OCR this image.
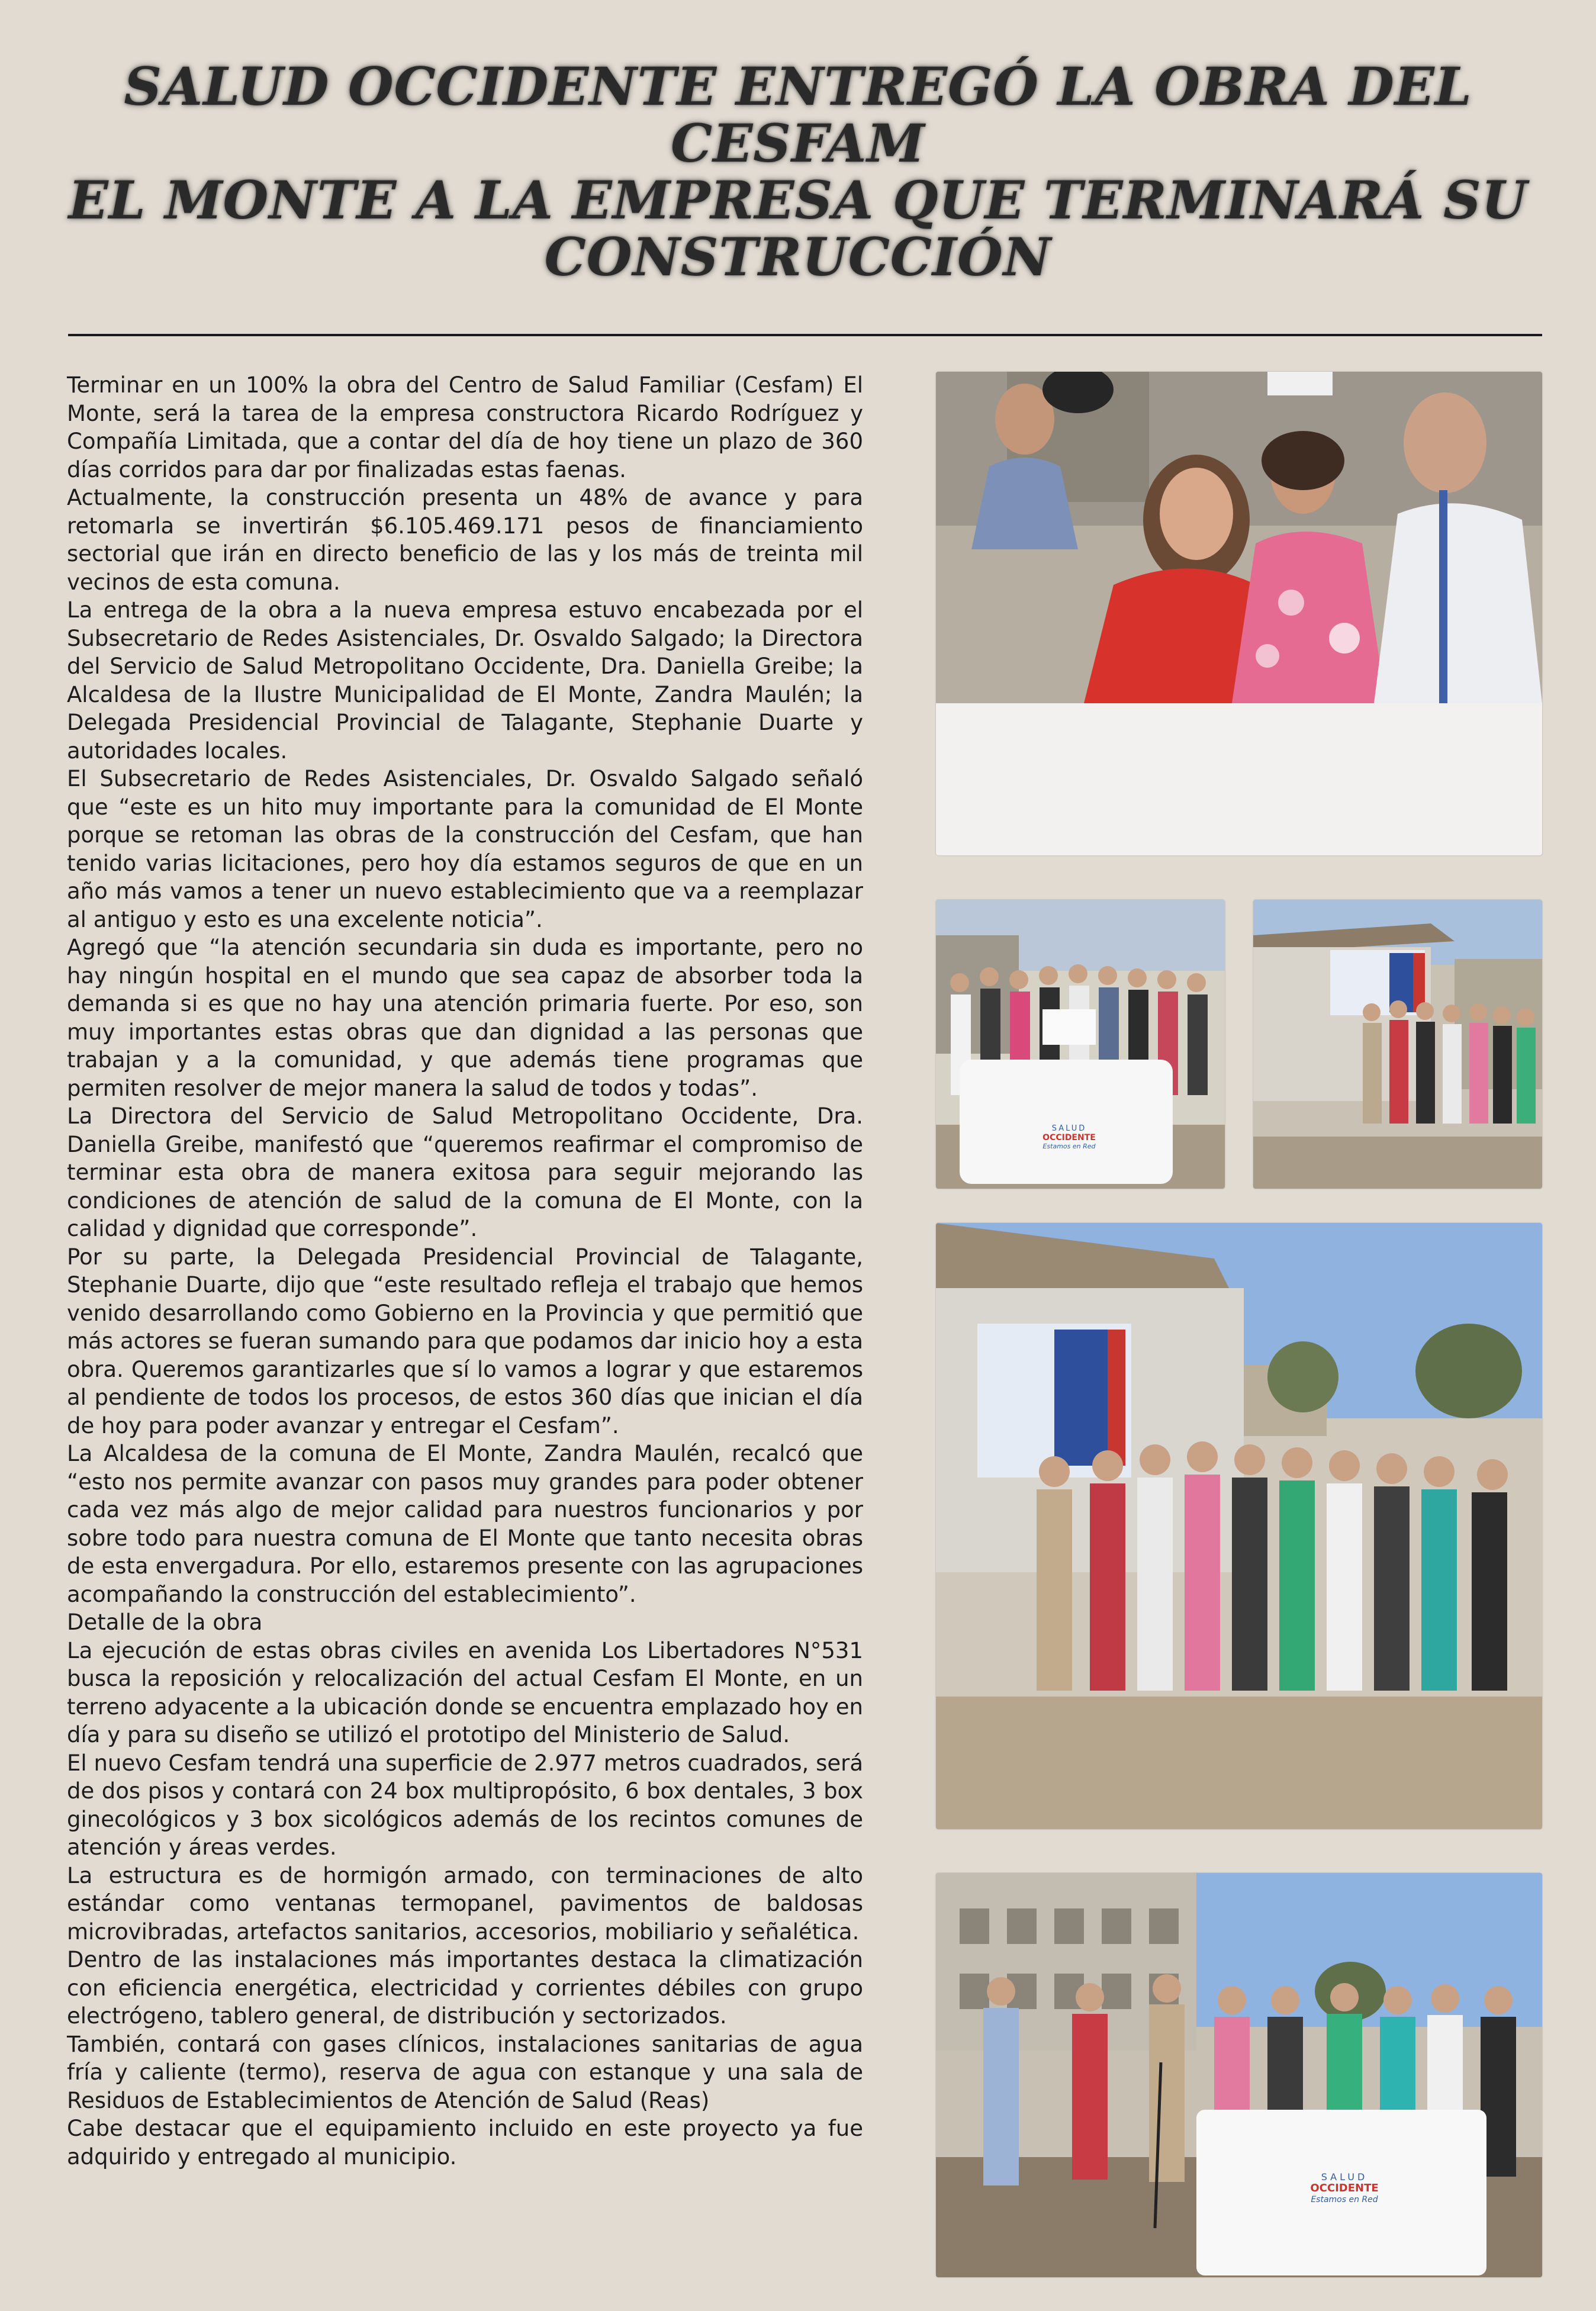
SALUD OCCIDENTE ENTREGÓ LA OBRA DEL CESFAM
EL MONTE A LA EMPRESA QUE TERMINARÁ SU
CONSTRUCCIÓN

Terminar en un 100% la obra del Centro de Salud Familiar (Cesfam) El Monte, será la tarea de la empresa constructora Ricardo Rodríguez y Compañía Limitada, que a contar del día de hoy tiene un plazo de 360 días corridos para dar por finalizadas estas faenas.

Actualmente, la construcción presenta un 48% de avance y para retomarla se invertirán $6.105.469.171 pesos de financiamiento sectorial que irán en directo beneficio de las y los más de treinta mil vecinos de esta comuna.

La entrega de la obra a la nueva empresa estuvo encabezada por el Subsecretario de Redes Asistenciales, Dr. Osvaldo Salgado; la Directora del Servicio de Salud Metropolitano Occidente, Dra. Daniella Greibe; la Alcaldesa de la Ilustre Municipalidad de El Monte, Zandra Maulén; la Delegada Presidencial Provincial de Talagante, Stephanie Duarte y autoridades locales.

El Subsecretario de Redes Asistenciales, Dr. Osvaldo Salgado señaló que “este es un hito muy importante para la comunidad de El Monte porque se retoman las obras de la construcción del Cesfam, que han tenido varias licitaciones, pero hoy día estamos seguros de que en un año más vamos a tener un nuevo establecimiento que va a reemplazar al antiguo y esto es una excelente noticia”.

Agregó que “la atención secundaria sin duda es importante, pero no hay ningún hospital en el mundo que sea capaz de absorber toda la demanda si es que no hay una atención primaria fuerte. Por eso, son muy importantes estas obras que dan dignidad a las personas que trabajan y a la comunidad, y que además tiene programas que permiten resolver de mejor manera la salud de todos y todas”.

La Directora del Servicio de Salud Metropolitano Occidente, Dra. Daniella Greibe, manifestó que “queremos reafirmar el compromiso de terminar esta obra de manera exitosa para seguir mejorando las condiciones de atención de salud de la comuna de El Monte, con la calidad y dignidad que corresponde”.

Por su parte, la Delegada Presidencial Provincial de Talagante, Stephanie Duarte, dijo que “este resultado refleja el trabajo que hemos venido desarrollando como Gobierno en la Provincia y que permitió que más actores se fueran sumando para que podamos dar inicio hoy a esta obra. Queremos garantizarles que sí lo vamos a lograr y que estaremos al pendiente de todos los procesos, de estos 360 días que inician el día de hoy para poder avanzar y entregar el Cesfam”.

La Alcaldesa de la comuna de El Monte, Zandra Maulén, recalcó que “esto nos permite avanzar con pasos muy grandes para poder obtener cada vez más algo de mejor calidad para nuestros funcionarios y por sobre todo para nuestra comuna de El Monte que tanto necesita obras de esta envergadura. Por ello, estaremos presente con las agrupaciones acompañando la construcción del establecimiento”.

Detalle de la obra

La ejecución de estas obras civiles en avenida Los Libertadores N°531 busca la reposición y relocalización del actual Cesfam El Monte, en un terreno adyacente a la ubicación donde se encuentra emplazado hoy en día y para su diseño se utilizó el prototipo del Ministerio de Salud.

El nuevo Cesfam tendrá una superficie de 2.977 metros cuadrados, será de dos pisos y contará con 24 box multipropósito, 6 box dentales, 3 box ginecológicos y 3 box sicológicos además de los recintos comunes de atención y áreas verdes.

La estructura es de hormigón armado, con terminaciones de alto estándar como ventanas termopanel, pavimentos de baldosas microvibradas, artefactos sanitarios, accesorios, mobiliario y señalética.

Dentro de las instalaciones más importantes destaca la climatización con eficiencia energética, electricidad y corrientes débiles con grupo electrógeno, tablero general, de distribución y sectorizados.

También, contará con gases clínicos, instalaciones sanitarias de agua fría y caliente (termo), reserva de agua con estanque y una sala de Residuos de Establecimientos de Atención de Salud (Reas)

Cabe destacar que el equipamiento incluido en este proyecto ya fue adquirido y entregado al municipio.

SALUD
OCCIDENTE
Estamos en Red
SALUD
OCCIDENTE
Estamos en Red
